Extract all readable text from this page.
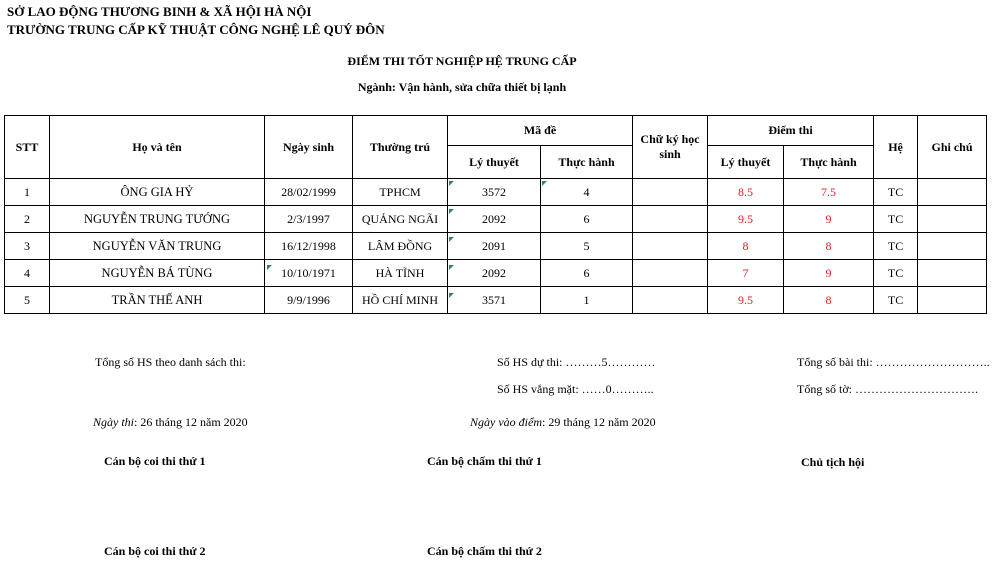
SỞ LAO ĐỘNG THƯƠNG BINH & XÃ HỘI HÀ NỘI
TRƯỜNG TRUNG CẤP KỸ THUẬT CÔNG NGHỆ LÊ QUÝ ĐÔN
ĐIỂM THI TỐT NGHIỆP HỆ TRUNG CẤP
Ngành: Vận hành, sửa chữa thiết bị lạnh
STT	Họ và tên	Ngày sinh	Thường trú	Mã đề		Chữ ký học sinh	Điểm thi		Hệ	Ghi chú
				Lý thuyết	Thực hành		Lý thuyết	Thực hành		
1	ÔNG GIA HỶ	28/02/1999	TPHCM	3572	4		8.5	7.5	TC	
2	NGUYỄN TRUNG TƯỚNG	2/3/1997	QUẢNG NGÃI	2092	6		9.5	9	TC	
3	NGUYỄN VĂN TRUNG	16/12/1998	LÂM ĐỒNG	2091	5		8	8	TC	
4	NGUYỄN BÁ TÙNG	10/10/1971	HÀ TĨNH	2092	6		7	9	TC	
5	TRẦN THẾ ANH	9/9/1996	HỒ CHÍ MINH	3571	1		9.5	8	TC	
Tổng số HS theo danh sách thi:	Số HS dự thi: ………5…………	Tổng số bài thi: ………………………..
Số HS vắng mặt: ……0………..	Tổng số tờ: ………………………….
Ngày thi: 26 tháng 12 năm 2020	Ngày vào điểm: 29 tháng 12 năm 2020
Cán bộ coi thi thứ 1	Cán bộ chấm thi thứ 1	Chủ tịch hội
Cán bộ coi thi thứ 2	Cán bộ chấm thi thứ 2
